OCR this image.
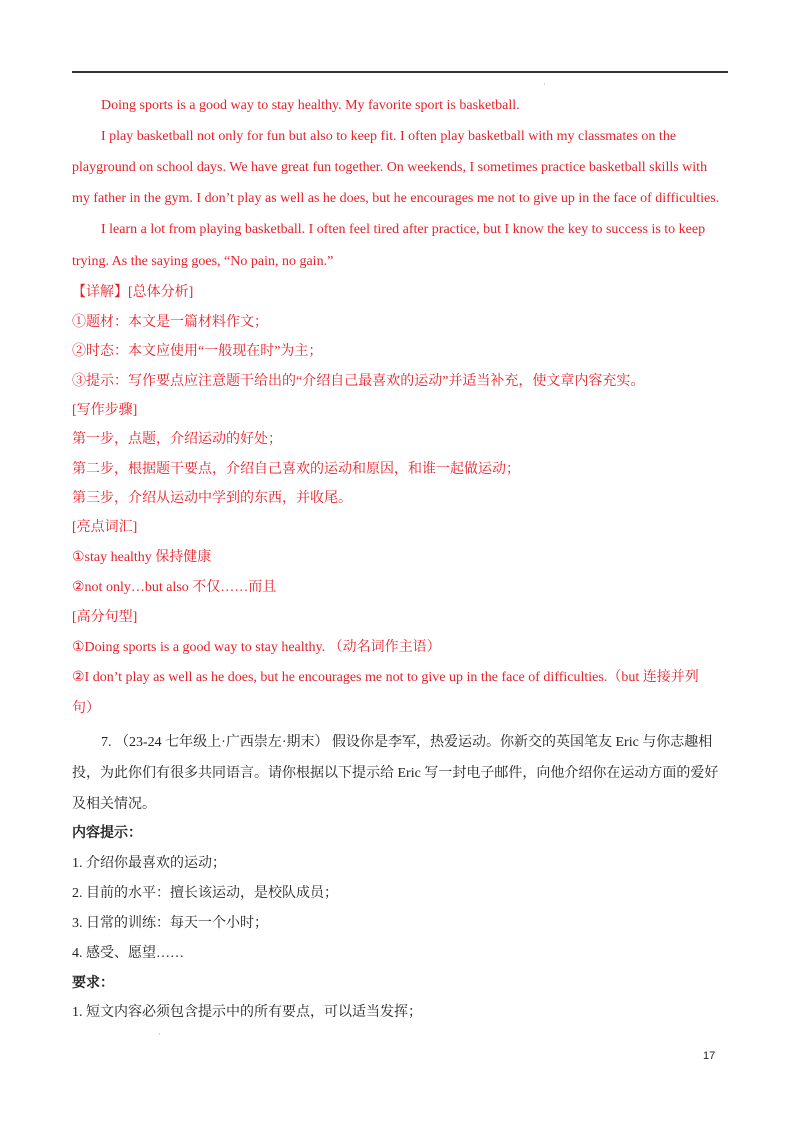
·
Doing sports is a good way to stay healthy. My favorite sport is basketball.
I play basketball not only for fun but also to keep fit. I often play basketball with my classmates on the
playground on school days. We have great fun together. On weekends, I sometimes practice basketball skills with
my father in the gym. I don’t play as well as he does, but he encourages me not to give up in the face of difficulties.
I learn a lot from playing basketball. I often feel tired after practice, but I know the key to success is to keep
trying. As the saying goes, “No pain, no gain.”
【详解】[总体分析]
①题材：本文是一篇材料作文；
②时态：本文应使用“一般现在时”为主；
③提示：写作要点应注意题干给出的“介绍自己最喜欢的运动”并适当补充，使文章内容充实。
[写作步骤]
第一步，点题，介绍运动的好处；
第二步，根据题干要点，介绍自己喜欢的运动和原因，和谁一起做运动；
第三步，介绍从运动中学到的东西，并收尾。
[亮点词汇]
①stay healthy 保持健康
②not only…but also 不仅……而且
[高分句型]
①Doing sports is a good way to stay healthy. （动名词作主语）
②I don’t play as well as he does, but he encourages me not to give up in the face of difficulties.（but 连接并列
句）
7. （23-24 七年级上·广西崇左·期末） 假设你是李军，热爱运动。你新交的英国笔友 Eric 与你志趣相
投，为此你们有很多共同语言。请你根据以下提示给 Eric 写一封电子邮件，向他介绍你在运动方面的爱好
及相关情况。
内容提示：
1. 介绍你最喜欢的运动；
2. 目前的水平：擅长该运动，是校队成员；
3. 日常的训练：每天一个小时；
4. 感受、愿望……
要求：
1. 短文内容必须包含提示中的所有要点，可以适当发挥；
·
17
